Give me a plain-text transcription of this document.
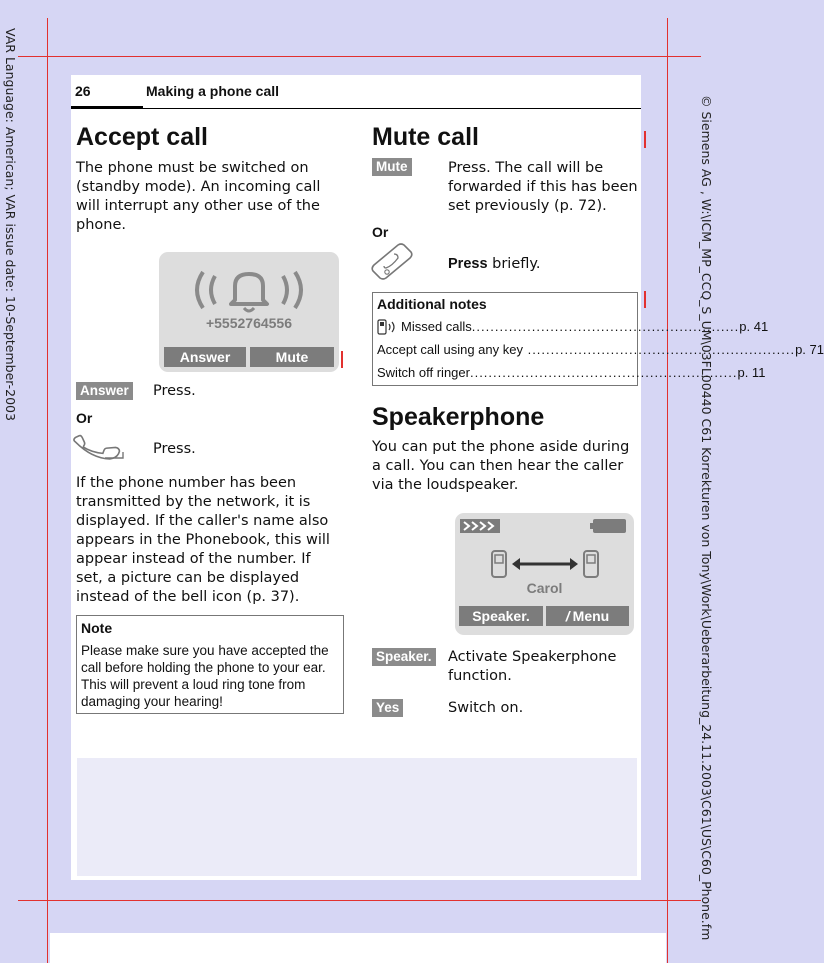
VAR Language: American; VAR issue date: 10-September-2003	© Siemens AG , W:\ICM_MP_CCQ_S_UM\03FL00440 C61 Korrekturen von Tony\Work\Ueberarbeitung_24.11.2003\C61\US\C60_Phone.fm
26	Making a phone call
Accept call
The phone must be switched on (standby mode). An incoming call will interrupt any other use of the phone.
+5552764556
Answer	Mute
Answer Press.
Or
Press.
If the phone number has been transmitted by the network, it is displayed. If the caller's name also appears in the Phonebook, this will appear instead of the number. If set, a picture can be displayed instead of the bell icon (p. 37).
Note
Please make sure you have accepted the call before holding the phone to your ear. This will prevent a loud ring tone from damaging your hearing!
Mute call
Mute	Press. The call will be forwarded if this has been set previously (p. 72).
Or
Press briefly.
Additional notes
Missed calls .......................................................... p. 41
Accept call using any key .......................................................... p. 71
Switch off ringer .......................................................... p. 11
Speakerphone
You can put the phone aside during a call. You can then hear the caller via the loudspeaker.
Carol
Speaker.	/ Menu
Speaker. Activate Speakerphone function.
Yes	Switch on.
